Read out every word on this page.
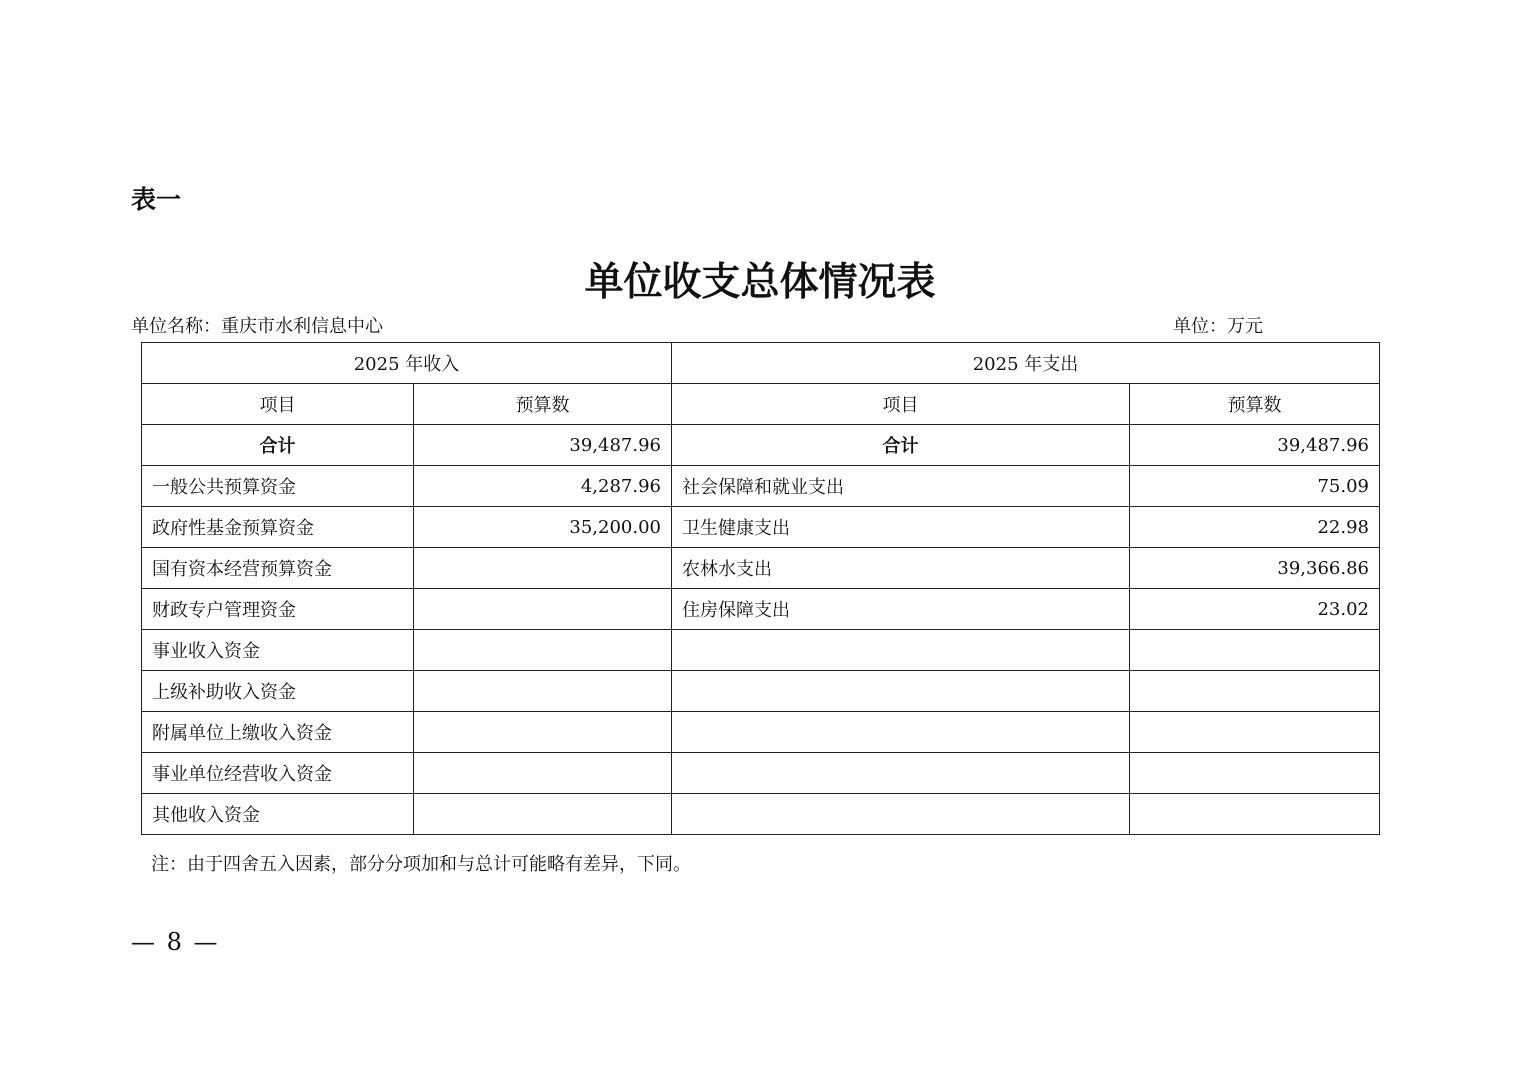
表一
单位收支总体情况表
单位名称：重庆市水利信息中心	单位：万元
2025 年收入		2025 年支出	
项目	预算数	项目	预算数
合计	39,487.96	合计	39,487.96
一般公共预算资金	4,287.96	社会保障和就业支出	75.09
政府性基金预算资金	35,200.00	卫生健康支出	22.98
国有资本经营预算资金		农林水支出	39,366.86
财政专户管理资金		住房保障支出	23.02
事业收入资金			
上级补助收入资金			
附属单位上缴收入资金			
事业单位经营收入资金			
其他收入资金			
注：由于四舍五入因素，部分分项加和与总计可能略有差异，下同。
— 8 —
